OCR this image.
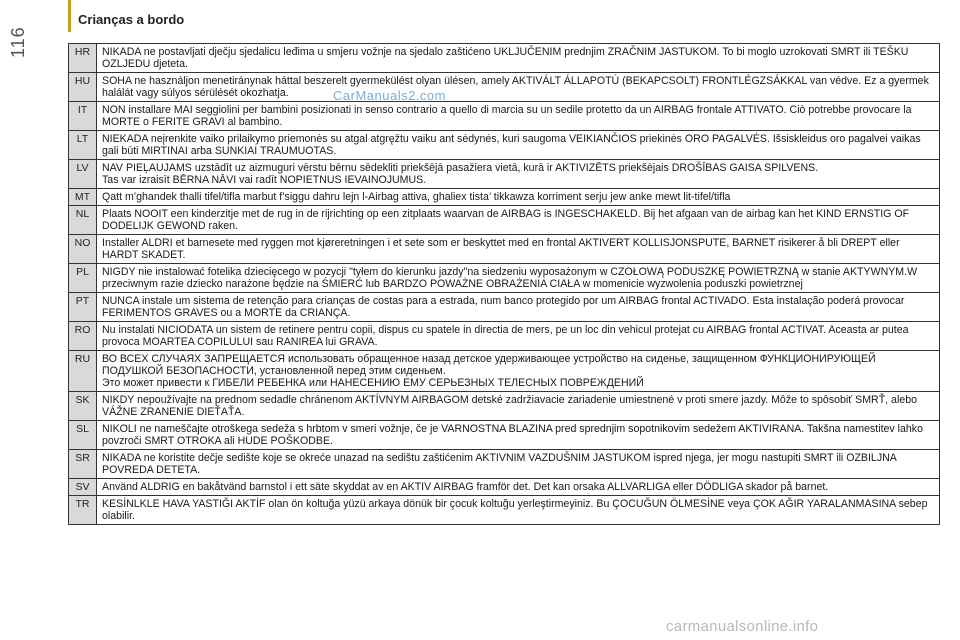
Crianças a bordo
116	HR	NIKADA ne postavljati dječju sjedalicu leđima u smjeru vožnje na sjedalo zaštićeno UKLJUČENIM prednjim ZRAČNIM JASTUKOM. To bi moglo uzrokovati SMRT ili TEŠKU OZLJEDU djeteta.
HU	SOHA ne használjon menetiránynak háttal beszerelt gyermekülést olyan ülésen, amely AKTIVÁLT ÁLLAPOTÚ (BEKAPCSOLT) FRONTLÉGZSÁKKAL van védve. Ez a gyermek halálát vagy súlyos sérülését okozhatja.
IT	NON installare MAI seggiolini per bambini posizionati in senso contrario a quello di marcia su un sedile protetto da un AIRBAG frontale ATTIVATO. Ciò potrebbe provocare la MORTE o FERITE GRAVI al bambino.
LT	NIEKADA neįrenkite vaiko prilaikymo priemonės su atgal atgręžtu vaiku ant sėdynės, kuri saugoma VEIKIANČIOS priekinės ORO PAGALVĖS. Išsiskleidus oro pagalvei vaikas gali būti MIRTINAI arba SUNKIAI TRAUMUOTAS.
LV	NAV PIEĻAUJAMS uzstādīt uz aizmuguri vērstu bērnu sēdekliti priekšējā pasažiera vietā, kurā ir AKTIVIZĒTS priekšējais DROŠĪBAS GAISA SPILVENS.
Tas var izraisīt BĒRNA NĀVI vai radīt NOPIETNUS IEVAINOJUMUS.
MT	Qatt m’ghandek thalli tifel/tifla marbut f’siggu dahru lejn l-Airbag attiva, ghaliex tista’ tikkawza korriment serju jew anke mewt lit-tifel/tifla
NL	Plaats NOOIT een kinderzitje met de rug in de rijrichting op een zitplaats waarvan de AIRBAG is INGESCHAKELD. Bij het afgaan van de airbag kan het KIND ERNSTIG OF DODELIJK GEWOND raken.
NO	Installer ALDRI et barnesete med ryggen mot kjøreretningen i et sete som er beskyttet med en frontal AKTIVERT KOLLISJONSPUTE, BARNET risikerer å bli DREPT eller HARDT SKADET.
PL	NIGDY nie instalować fotelika dziecięcego w pozycji "tyłem do kierunku jazdy"na siedzeniu wyposażonym w CZOŁOWĄ PODUSZKĘ POWIETRZNĄ w stanie AKTYWNYM.W przeciwnym razie dziecko narażone będzie na ŚMIERĆ lub BARDZO POWAŻNE OBRAŻENIA CIAŁA w momenicie wyzwolenia poduszki powietrznej
PT	NUNCA instale um sistema de retenção para crianças de costas para a estrada, num banco protegido por um AIRBAG frontal ACTIVADO. Esta instalação poderá provocar FERIMENTOS GRAVES ou a MORTE da CRIANÇA.
RO	Nu instalati NICIODATA un sistem de retinere pentru copii, dispus cu spatele in directia de mers, pe un loc din vehicul protejat cu AIRBAG frontal ACTIVAT. Aceasta ar putea provoca MOARTEA COPILULUI sau RANIREA lui GRAVA.
RU	ВО ВСЕХ СЛУЧАЯХ ЗАПРЕЩАЕТСЯ использовать обращенное назад детское удерживающее устройство на сиденье, защищенном ФУНКЦИОНИРУЮЩЕЙ ПОДУШКОЙ БЕЗОПАСНОСТИ, установленной перед этим сиденьем.
Это может привести к ГИБЕЛИ РЕБЕНКА или НАНЕСЕНИЮ ЕМУ СЕРЬЕЗНЫХ ТЕЛЕСНЫХ ПОВРЕЖДЕНИЙ
SK	NIKDY nepoužívajte na prednom sedadle chránenom AKTÍVNYM AIRBAGOM detské zadržiavacie zariadenie umiestnené v proti smere jazdy. Môže to spôsobiť SMRŤ, alebo VÁŽNE ZRANENIE DIEŤAŤA.
SL	NIKOLI ne nameščajte otroškega sedeža s hrbtom v smeri vožnje, če je VARNOSTNA BLAZINA pred sprednjim sopotnikovim sedežem AKTIVIRANA. Takšna namestitev lahko povzroči SMRT OTROKA ali HUDE POŠKODBE.
SR	NIKADA ne koristite dečje sedište koje se okreće unazad na sedištu zaštićenim AKTIVNIM VAZDUŠNIM JASTUKOM ispred njega, jer mogu nastupiti SMRT ili OZBILJNA POVREDA DETETA.
SV	Använd ALDRIG en bakåtvänd barnstol i ett säte skyddat av en AKTIV AIRBAG framför det. Det kan orsaka ALLVARLIGA eller DÖDLIGA skador på barnet.
TR	KESİNLKLE HAVA YASTIĞI AKTİF olan ön koltuğa yüzü arkaya dönük bir çocuk koltuğu yerleştirmeyiniz. Bu ÇOCUĞUN ÖLMESİNE veya ÇOK AĞIR YARALANMASINA sebep olabilir.
CarManuals2.com
carmanualsonline.info
